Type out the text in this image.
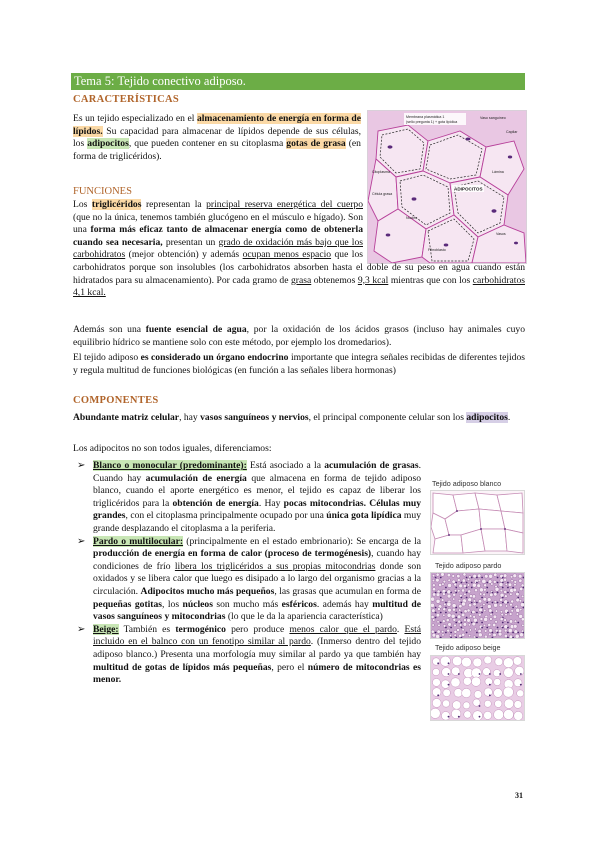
Tema 5: Tejido conectivo adiposo.
CARACTERÍSTICAS

Es un tejido especializado en el almacenamiento de energía en forma de lípidos. Su capacidad para almacenar de lípidos depende de sus células, los adipocitos, que pueden contener en su citoplasma gotas de grasa (en forma de triglicéridos).

Membrana plasmática 1
(sello pregunta 1) + gota lipídica
Vaso sanguíneo
Capilar
Citoplasma	Lámina
ADIPOCITOS
Célula grasa
Núcleo
Vasos
Fibroblasto
FUNCIONES
Los triglicéridos representan la principal reserva energética del cuerpo (que no la única, tenemos también glucógeno en el músculo e hígado). Son una forma más eficaz tanto de almacenar energía como de obtenerla cuando sea necesaria, presentan un grado de oxidación más bajo que los carbohidratos (mejor obtención) y además ocupan menos espacio que los carbohidratos porque son insolubles (los carbohidratos absorben hasta el doble de su peso en agua cuando están hidratados para su almacenamiento). Por cada gramo de grasa obtenemos 9,3 kcal mientras que con los carbohidratos 4,1 kcal.

Además son una fuente esencial de agua, por la oxidación de los ácidos grasos (incluso hay animales cuyo equilibrio hídrico se mantiene solo con este método, por ejemplo los dromedarios).

El tejido adiposo es considerado un órgano endocrino importante que integra señales recibidas de diferentes tejidos y regula multitud de funciones biológicas (en función a las señales libera hormonas)

COMPONENTES

Abundante matriz celular, hay vasos sanguíneos y nervios, el principal componente celular son los adipocitos.

Los adipocitos no son todos iguales, diferenciamos:

➢ Blanco o monocular (predominante): Está asociado a la acumulación de grasas. Cuando hay acumulación de energía que almacena en forma de tejido adiposo blanco, cuando el aporte energético es menor, el tejido es capaz de liberar los triglicéridos para la obtención de energía. Hay pocas mitocondrias. Células muy grandes, con el citoplasma principalmente ocupado por una única gota lipídica muy grande desplazando el citoplasma a la periferia.
➢ Pardo o multilocular: (principalmente en el estado embrionario): Se encarga de la producción de energía en forma de calor (proceso de termogénesis), cuando hay condiciones de frío libera los triglicéridos a sus propias mitocondrias donde son oxidados y se libera calor que luego es disipado a lo largo del organismo gracias a la circulación. Adipocitos mucho más pequeños, las grasas que acumulan en forma de pequeñas gotitas, los núcleos son mucho más esféricos. además hay multitud de vasos sanguíneos y mitocondrias (lo que le da la apariencia característica)
➢ Beige: También es termogénico pero produce menos calor que el pardo. Está incluido en el balnco con un fenotipo similar al pardo. (Inmerso dentro del tejido adiposo blanco.) Presenta una morfología muy similar al pardo ya que también hay multitud de gotas de lípidos más pequeñas, pero el número de mitocondrias es menor.
Tejido adiposo blanco
Tejido adiposo pardo
Tejido adiposo beige
31
